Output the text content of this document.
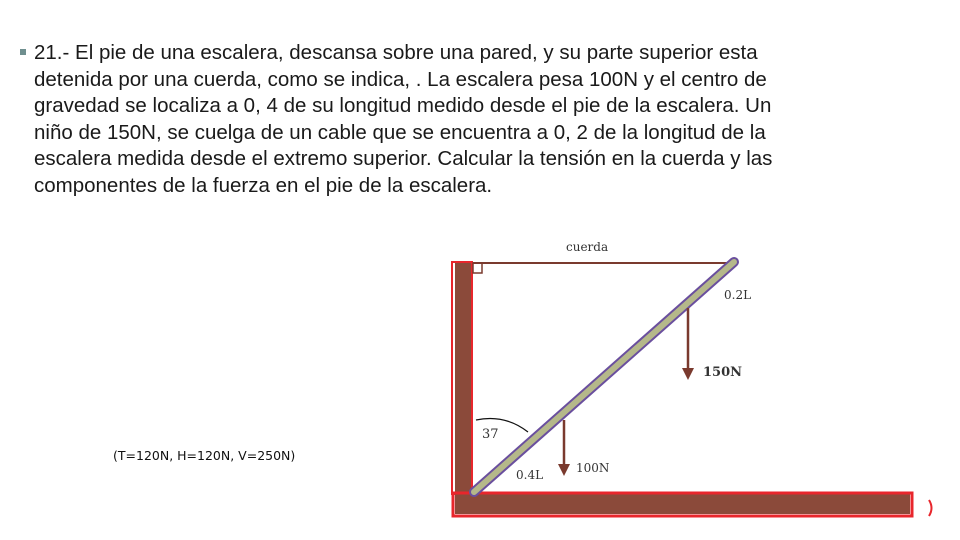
21.- El pie de una escalera, descansa sobre una pared, y su parte superior esta detenida por una cuerda, como se indica, . La escalera pesa 100N y el centro de gravedad se localiza a 0, 4 de su longitud medido desde el pie de la escalera. Un niño de 150N, se cuelga de un cable que se encuentra a 0, 2 de la longitud de la escalera medida desde el extremo superior. Calcular la tensión en la cuerda y las componentes de la fuerza en el pie de la escalera.

(T=120N, H=120N, V=250N)
cuerda
0.2L
150N
37
0.4L	100N
